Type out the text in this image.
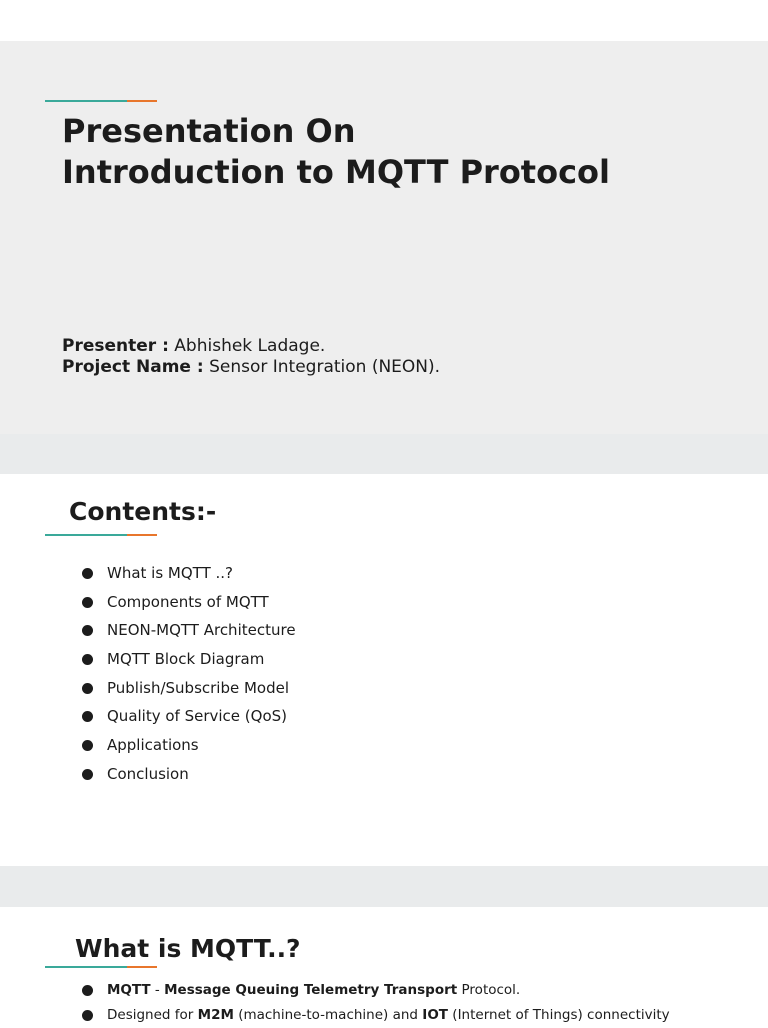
Presentation On
Introduction to MQTT Protocol
Presenter : Abhishek Ladage.
Project Name : Sensor Integration (NEON).
Contents:-
What is MQTT ..?
Components of MQTT
NEON-MQTT Architecture
MQTT Block Diagram
Publish/Subscribe Model
Quality of Service (QoS)
Applications
Conclusion
What is MQTT..?
MQTT - Message Queuing Telemetry Transport Protocol.
Designed for M2M (machine-to-machine) and IOT (Internet of Things) connectivity
